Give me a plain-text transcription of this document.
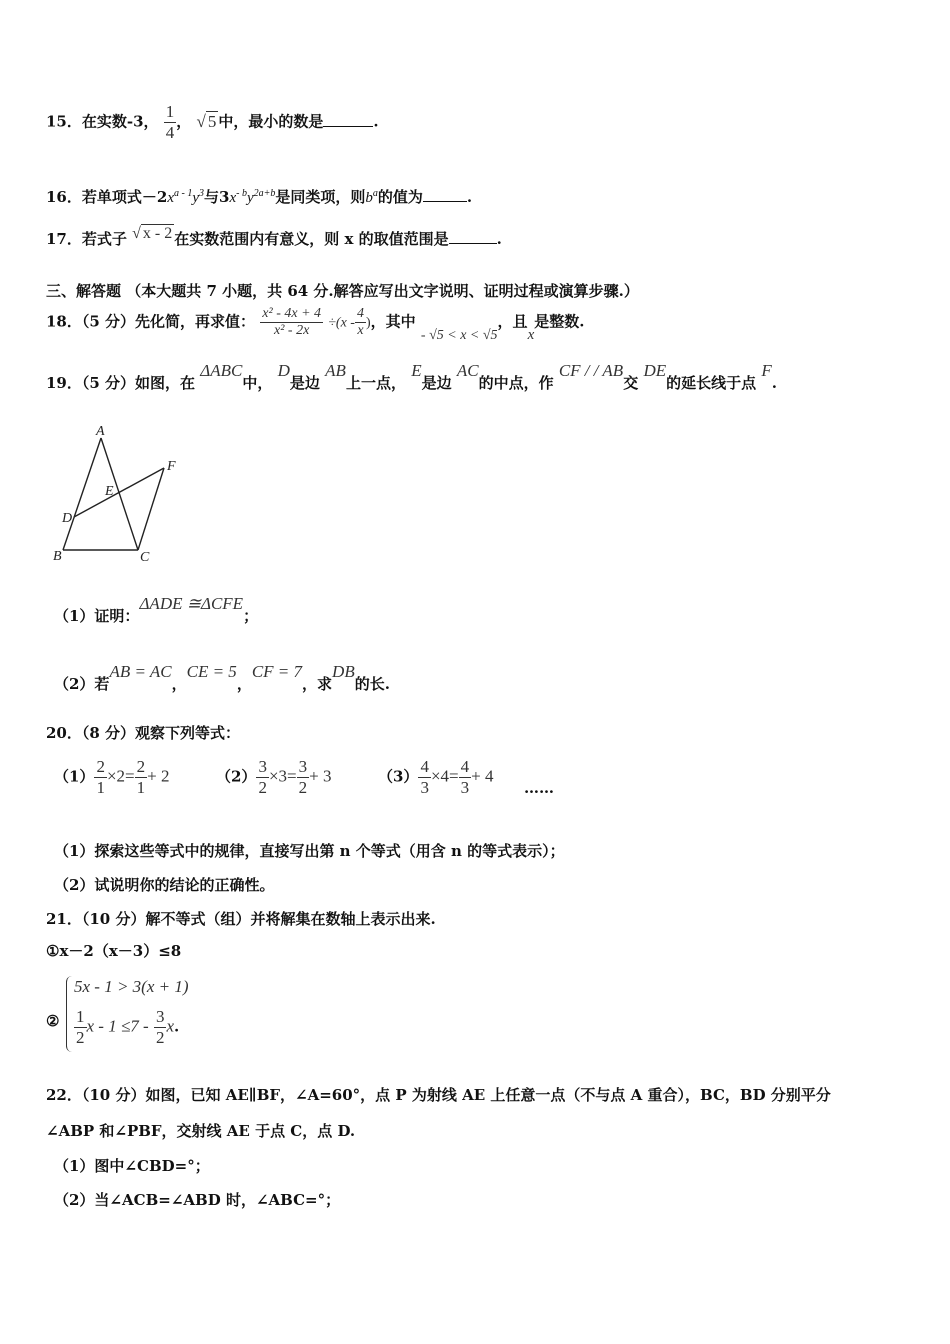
15．在实数-3， $\frac{1}{4}$ ， √ 5 中，最小的数是	.
16．若单项式$-2x^{a - 1}y^3$与$3x^{- b}y^{2a+b}$是同类项，则$b^a$的值为	.
17．若式子 √ x - 2 在实数范围内有意义，则 x 的取值范围是	.
三、解答题 （本大题共 7 小题，共 64 分.解答应写出文字说明、证明过程或演算步骤.）
18．（5 分）先化简，再求值： $\frac{\text{x² - 4x + 4}}{\text{x² - 2x}} \div(x - \frac{4}{x}$ )，其中 - √5 < x < √5，且x是整数.
19．（5 分）如图，在 ΔABC中， D是边 AB上一点， E是边 AC的中点，作 CF / / AB交 DE的延长线于点 F.
A
B	C
D
E
F
（1）证明：ΔADE ≅ΔCFE；
（2）若AB = AC，CE = 5，CF = 7，求DB的长.
20．（8 分）观察下列等式：
$(1) \frac{2}{1} \times 2= \frac{2}{1} + 2$	$(2) \frac{3}{2} \times 3= \frac{3}{2} + 3$	$(3) \frac{4}{3} \times 4= \frac{4}{3} + 4$
……
（1）探索这些等式中的规律，直接写出第 n 个等式（用含 n 的等式表示）；
（2）试说明你的结论的正确性。
21．（10 分）解不等式（组）并将解集在数轴上表示出来.
①x－2（x－3）≤8
②
5x - 1 > 3(x + 1)
$\frac{1}{2}$ $x - 1 \le 7 - \frac{3}{2} x$.
22．（10 分）如图，已知 AE∥BF，∠A=60°，点 P 为射线 AE 上任意一点（不与点 A 重合），BC，BD 分别平分
∠ABP 和∠PBF，交射线 AE 于点 C，点 D.
（1）图中∠CBD=°；
（2）当∠ACB=∠ABD 时，∠ABC=°；
